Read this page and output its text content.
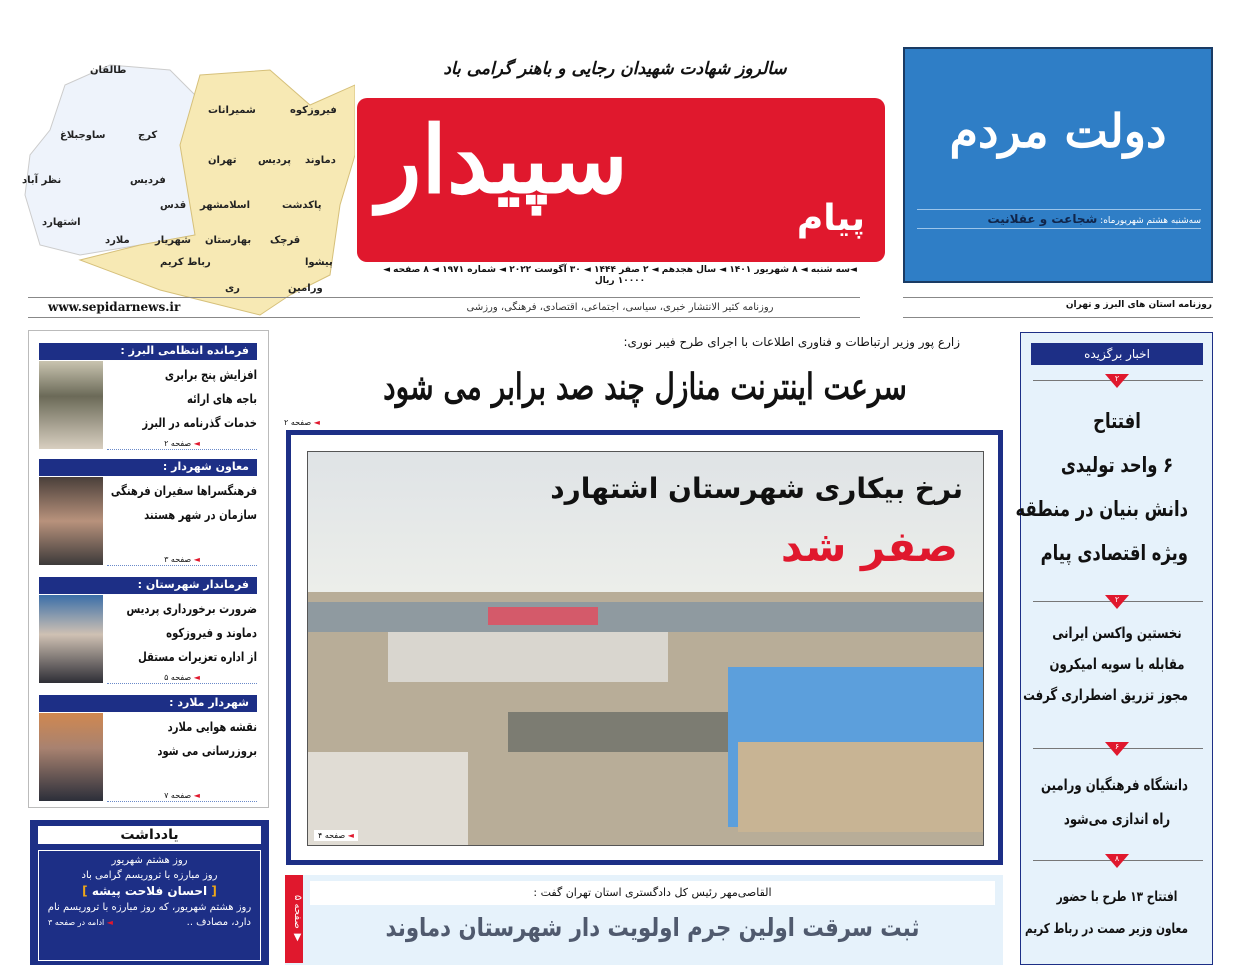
طالقان
ساوجبلاغ	کرج
نظر آباد	فردیس
اشتهارد
ملارد
شمیرانات
تهران پردیس دماوند
فیروزکوه
قدس اسلامشهر
شهریار بهارستان
رباط کریم
ری
قرچک
پاکدشت
پیشوا
ورامین
سالروز شهادت شهیدان رجایی و باهنر گرامی باد
سپیدار
پیام
◄سه شنبه ◄ ۸ شهریور ۱۴۰۱ ◄ سال هجدهم ◄ ۲ صفر ۱۴۴۴ ◄ ۳۰ آگوست ۲۰۲۲ ◄ شماره ۱۹۷۱ ◄ ۸ صفحه ◄ ۱۰۰۰۰ ریال
روزنامه کثیر الانتشار خبری، سیاسی، اجتماعی، اقتصادی، فرهنگی، ورزشی
www.sepidarnews.ir	روزنامه استان های البرز و تهران
دولت مردم
سه‌شنبه هشتم شهریورماه: شجاعت و عقلانیت
فرمانده انتظامی البرز :
افزایش پنج برابری
باجه های ارائه
خدمات گذرنامه در البرز
◄ صفحه ۲
معاون شهردار :
فرهنگسراها سفیران فرهنگی
سازمان در شهر هستند
◄ صفحه ۳
فرماندار شهرستان :
ضرورت برخورداری پردیس
دماوند و فیروزکوه
از اداره تعزیرات مستقل
◄ صفحه ۵
شهردار ملارد :
نقشه هوایی ملارد
بروزرسانی می شود
◄ صفحه ۷
یادداشت
روز هشتم شهریور
روز مبارزه با تروریسم گرامی باد
[ احسان فلاحت پیشه ]
روز هشتم شهریور، که روز مبارزه با تروریسم نام
دارد، مصادف ..
◄ ادامه در صفحه ۳
زارع پور وزیر ارتباطات و فناوری اطلاعات با اجرای طرح فیبر نوری:
سرعت اینترنت منازل چند صد برابر می شود
◄ صفحه ۲
نرخ بیکاری شهرستان اشتهارد
صفر شد
◄ صفحه ۴
▼ صفحه ۵
القاصی‌مهر رئیس کل دادگستری استان تهران گفت :
ثبت سرقت اولین جرم اولویت دار شهرستان دماوند
اخبار برگزیده
۲
افتتاح
۶ واحد تولیدی
دانش بنیان در منطقه
ویژه اقتصادی پیام
۲
نخستین واکسن ایرانی
مقابله با سویه امیکرون
مجوز تزریق اضطراری گرفت
۶
دانشگاه فرهنگیان ورامین
راه اندازی می‌شود
۸
افتتاح ۱۳ طرح با حضور
معاون وزیر صمت در رباط کریم
